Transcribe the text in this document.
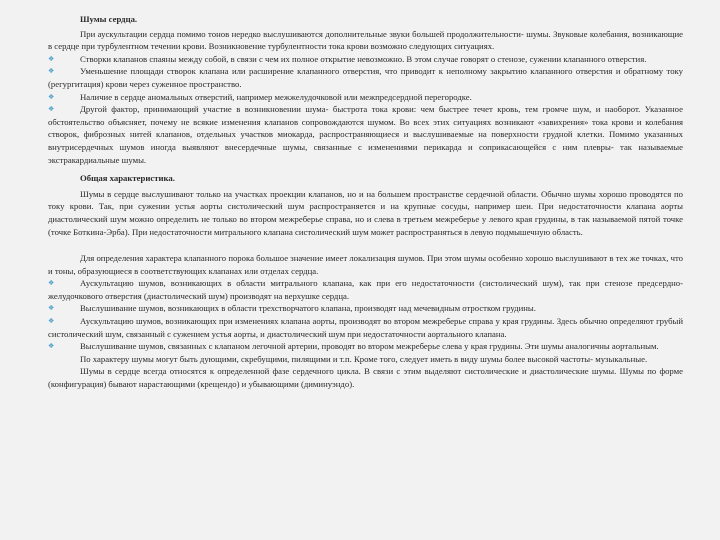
Шумы сердца.

При аускультации сердца помимо тонов нередко выслушиваются дополнительные звуки большей продолжительности- шумы. Звуковые колебания, возникающие в сердце при турбулентном течении крови. Возникновение турбулентности тока крови возможно следующих ситуациях.

❖	Створки клапанов спаяны между собой, в связи с чем их полное открытие невозможно. В этом случае говорят о стенозе, сужении клапанного отверстия.

❖	Уменьшение площади створок клапана или расширение клапанного отверстия, что приводит к неполному закрытию клапанного отверстия и обратному току (регургитация) крови через суженное пространство.

❖	Наличие в сердце аномальных отверстий, например межжелудочковой или межпредсердной перегородке.

❖	Другой фактор, принимающий участие в возникновении шума- быстрота тока крови: чем быстрее течет кровь, тем громче шум, и наоборот. Указанное обстоятельство объясняет, почему не всякие изменения клапанов сопровождаются шумом. Во всех этих ситуациях возникают «завихрения» тока крови и колебания створок, фиброзных нитей клапанов, отдельных участков миокарда, распространяющиеся и выслушиваемые на поверхности грудной клетки. Помимо указанных внутрисердечных шумов иногда выявляют внесердечные шумы, связанные с изменениями перикарда и соприкасающейся с ним плевры- так называемые экстракардиальные шумы.

Общая характеристика.

Шумы в сердце выслушивают только на участках проекции клапанов, но и на большем пространстве сердечной области. Обычно шумы хорошо проводятся по току крови. Так, при сужении устья аорты систолический шум распространяется и на крупные сосуды, например шеи. При недостаточности клапана аорты диастолический шум можно определить не только во втором межреберье справа, но и слева в третьем межреберье у левого края грудины, в так называемой пятой точке (точке Боткина-Эрба). При недостаточности митрального клапана систолический шум может распространяться в левую подмышечную область.

Для определения характера клапанного порока большое значение имеет локализация шумов. При этом шумы особенно хорошо выслушивают в тех же точках, что и тоны, образующиеся в соответствующих клапанах или отделах сердца.

❖	Аускультацию шумов, возникающих в области митрального клапана, как при его недостаточности (систолический шум), так при стенозе предсердно-желудочкового отверстия (диастолический шум) производят на верхушке сердца.

❖	Выслушивание шумов, возникающих в области трехстворчатого клапана, производят над мечевидным отростком грудины.

❖	Аускультацию шумов, возникающих при изменениях клапана аорты, производят во втором межреберье справа у края грудины. Здесь обычно определяют грубый систолический шум, связанный с сужением устья аорты, и диастолический шум при недостаточности аортального клапана.

❖	Выслушивание шумов, связанных с клапаном легочной артерии, проводят во втором межреберье слева у края грудины. Эти шумы аналогичны аортальным.

По характеру шумы могут быть дующими, скребущими, пилящими и т.п. Кроме того, следует иметь в виду шумы более высокой частоты- музыкальные.

Шумы в сердце всегда относятся к определенной фазе сердечного цикла. В связи с этим выделяют систолические и диастолические шумы. Шумы по форме (конфигурация) бывают нарастающими (крещендо) и убывающими (диминуэндо).
